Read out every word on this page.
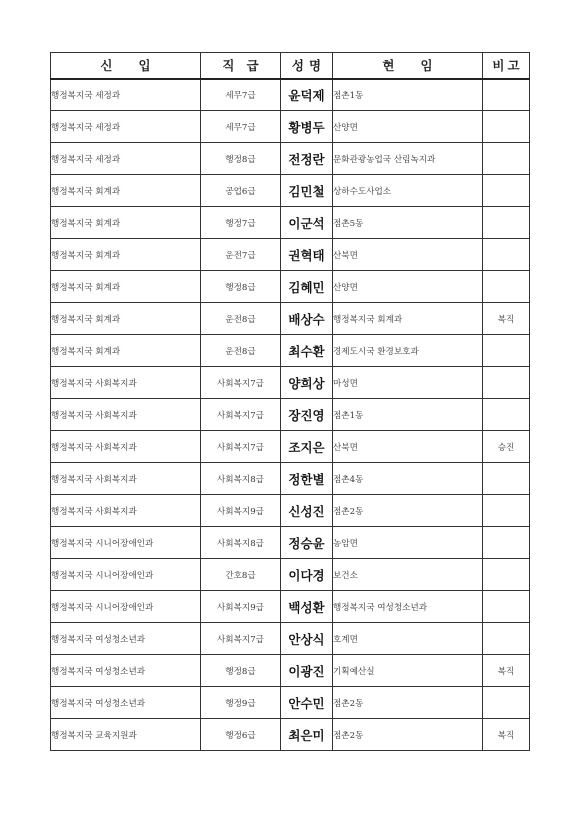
신입	직급	성명	현임	비고
행정복지국 세정과	세무7급	윤덕제	점촌1동	
행정복지국 세정과	세무7급	황병두	산양면	
행정복지국 세정과	행정8급	전정란	문화관광농업국 산림녹지과	
행정복지국 회계과	공업6급	김민철	상하수도사업소	
행정복지국 회계과	행정7급	이군석	점촌5동	
행정복지국 회계과	운전7급	권혁태	산북면	
행정복지국 회계과	행정8급	김혜민	산양면	
행정복지국 회계과	운전8급	배상수	행정복지국 회계과	복직
행정복지국 회계과	운전8급	최수환	경제도시국 환경보호과	
행정복지국 사회복지과	사회복지7급	양희상	마성면	
행정복지국 사회복지과	사회복지7급	장진영	점촌1동	
행정복지국 사회복지과	사회복지7급	조지은	산북면	승진
행정복지국 사회복지과	사회복지8급	정한별	점촌4동	
행정복지국 사회복지과	사회복지9급	신성진	점촌2동	
행정복지국 시니어장애인과	사회복지8급	정승윤	농암면	
행정복지국 시니어장애인과	간호8급	이다경	보건소	
행정복지국 시니어장애인과	사회복지9급	백성환	행정복지국 여성청소년과	
행정복지국 여성청소년과	사회복지7급	안상식	호계면	
행정복지국 여성청소년과	행정8급	이광진	기획예산실	복직
행정복지국 여성청소년과	행정9급	안수민	점촌2동	
행정복지국 교육지원과	행정6급	최은미	점촌2동	복직
